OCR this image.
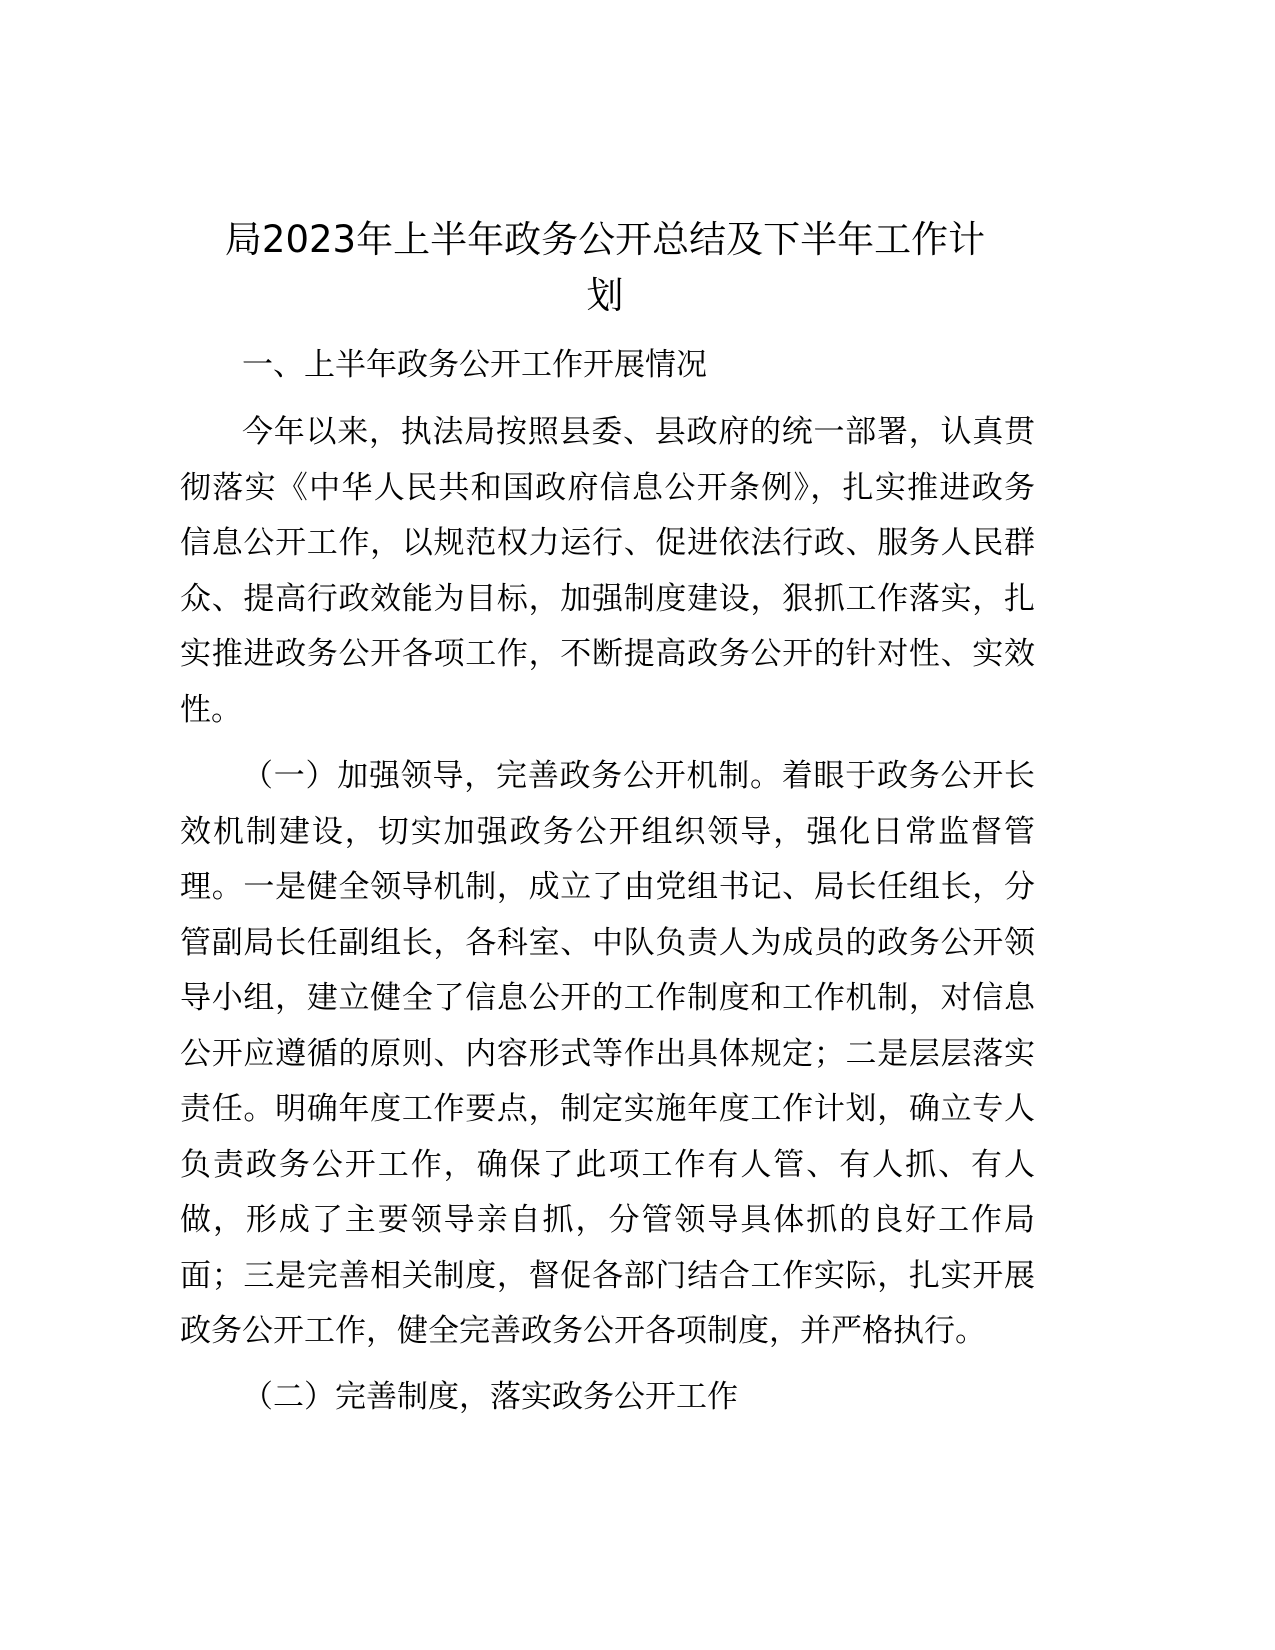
局2023年上半年政务公开总结及下半年工作计
划
一、上半年政务公开工作开展情况
今年以来，执法局按照县委、县政府的统一部署，认真贯
彻落实《中华人民共和国政府信息公开条例》，扎实推进政务
信息公开工作，以规范权力运行、促进依法行政、服务人民群
众、提高行政效能为目标，加强制度建设，狠抓工作落实，扎
实推进政务公开各项工作，不断提高政务公开的针对性、实效
性。
（一）加强领导，完善政务公开机制。着眼于政务公开长
效机制建设，切实加强政务公开组织领导，强化日常监督管
理。一是健全领导机制，成立了由党组书记、局长任组长，分
管副局长任副组长，各科室、中队负责人为成员的政务公开领
导小组，建立健全了信息公开的工作制度和工作机制，对信息
公开应遵循的原则、内容形式等作出具体规定；二是层层落实
责任。明确年度工作要点，制定实施年度工作计划，确立专人
负责政务公开工作，确保了此项工作有人管、有人抓、有人
做，形成了主要领导亲自抓，分管领导具体抓的良好工作局
面；三是完善相关制度，督促各部门结合工作实际，扎实开展
政务公开工作，健全完善政务公开各项制度，并严格执行。
（二）完善制度，落实政务公开工作
